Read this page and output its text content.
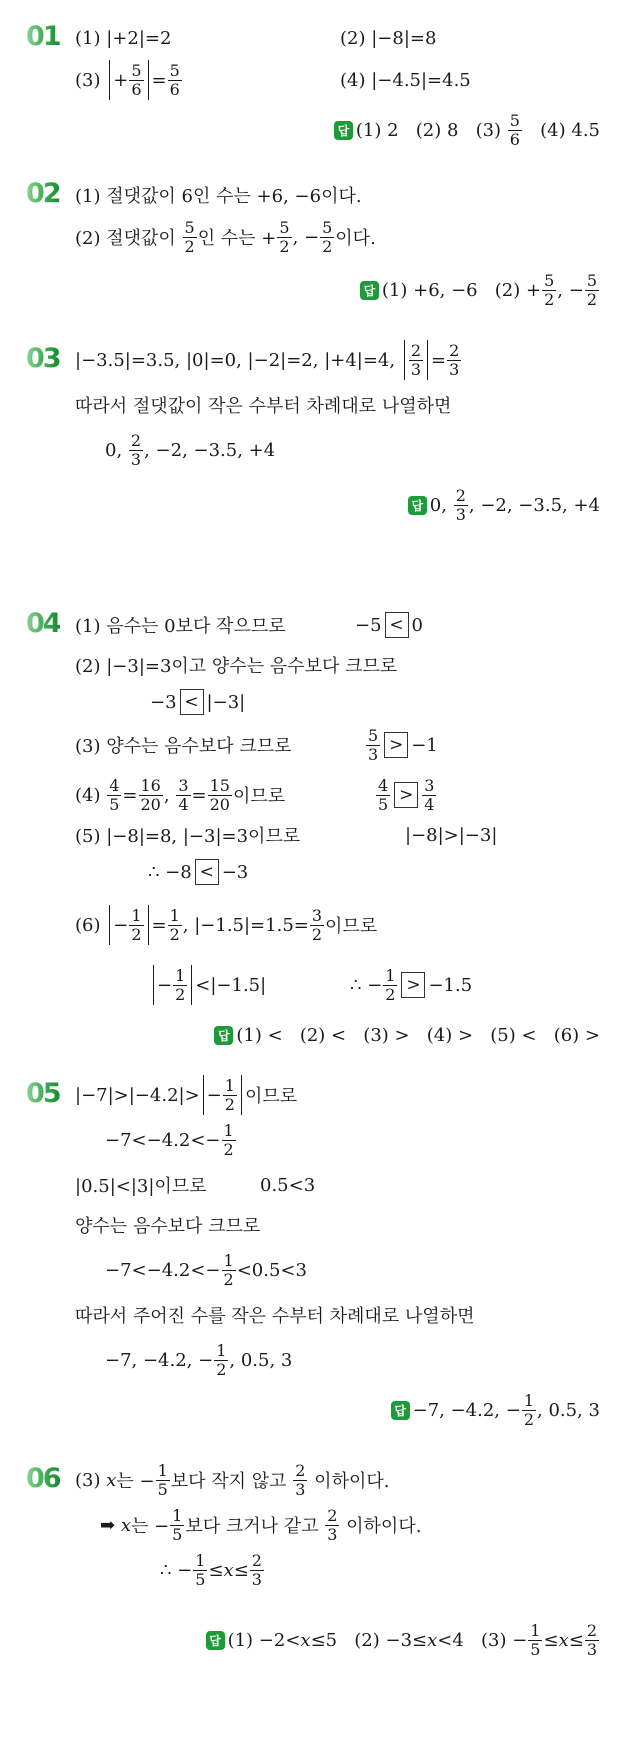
01 (1) |+2|=2	(2) |−8|=8
$(3) + \frac{5}{6} = \frac{5}{6}$	(4) |−4.5|=4.5
답 (1) 2   (2) 8   $(3) \frac{5}{6} (4)$ 4.5
02 (1) 절댓값이 6인 수는 +6, −6이다.
(2) 절댓값이 $\frac{5}{2}$ 인 수는 + $\frac{5}{2}$ , − $\frac{5}{2}$ 이다.
답 (1) +6, −6   $(2) + \frac{5}{2}$ , − $\frac{5}{2}$
03 |−3.5|=3.5, |0|=0, |−2|=2, |+4|=4, $\frac{2}{3} = \frac{2}{3}$
따라서 절댓값이 작은 수부터 차례대로 나열하면
0, $\frac{2}{3}$ , −2, −3.5, +4
답 0, $\frac{2}{3}$ , −2, −3.5, +4
04 (1) 음수는 0보다 작으므로	−5 < 0
(2) |−3|=3이고 양수는 음수보다 크므로
−3 < |−3|
(3) 양수는 음수보다 크므로	$\frac{5}{3} > -1$
$(4) \frac{4}{5} = \frac{16}{20}$ , $\frac{3}{4} = \frac{15}{20}$ 이므로	$\frac{4}{5} > \frac{3}{4}$
(5) |−8|=8, |−3|=3이므로	|−8|>|−3|
∴ −8 < −3
$(6) - \frac{1}{2} = \frac{1}{2}$ , $|-1.5|=1.5= \frac{3}{2}$ 이므로
− $\frac{1}{2} <|-1.5|$	∴ − $\frac{1}{2} > -1.5$
답 (1) <   (2) <   (3) >   (4) >   (5) <   (6) >
05 $|-7|>|-4.2|> - \frac{1}{2}$ 이므로
$-7<-4.2<- \frac{1}{2}$
|0.5|<|3|이므로	0.5<3
양수는 음수보다 크므로
$-7<-4.2<- \frac{1}{2} <0.5<3$
따라서 주어진 수를 작은 수부터 차례대로 나열하면
−7, −4.2, − $\frac{1}{2}$ , 0.5, 3
답 −7, −4.2, − $\frac{1}{2}$ , 0.5, 3
06 (3) x 는 − $\frac{1}{5}$ 보다 작지 않고 $\frac{2}{3}$ 이하이다.
➡ x 는 − $\frac{1}{5}$ 보다 크거나 같고 $\frac{2}{3}$ 이하이다.
∴ − $\frac{1}{5} \le x \le \frac{2}{3}$
답 (1) −2< x ≤5   (2) −3≤ x <4   $(3) - \frac{1}{5} \le x \le \frac{2}{3}$
